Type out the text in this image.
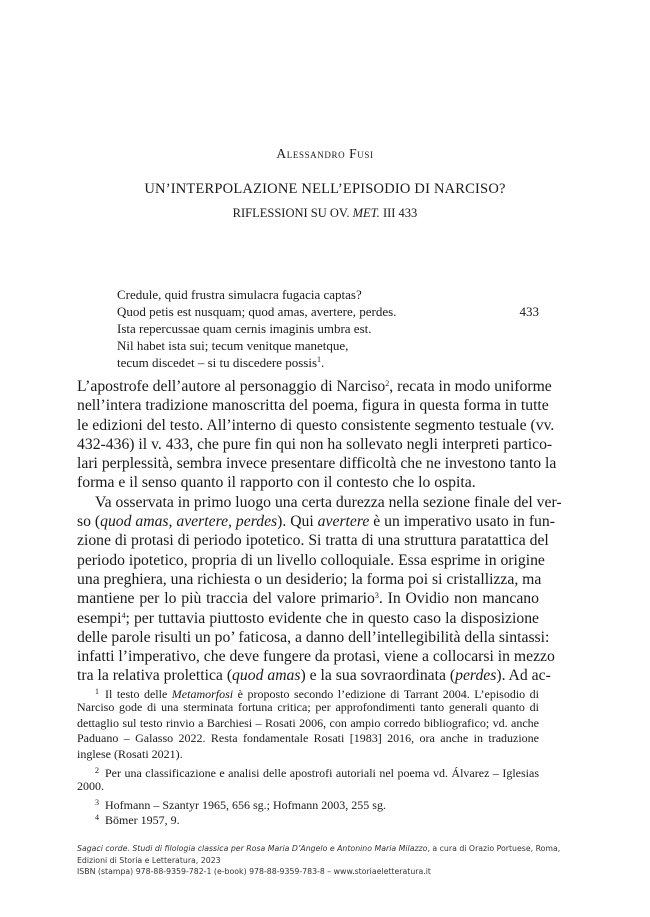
Alessandro Fusi
UN’INTERPOLAZIONE NELL’EPISODIO DI NARCISO?
RIFLESSIONI SU OV. MET. III 433
Credule, quid frustra simulacra fugacia captas?
Quod petis est nusquam; quod amas, avertere, perdes.	433
Ista repercussae quam cernis imaginis umbra est.
Nil habet ista sui; tecum venitque manetque,
tecum discedet – si tu discedere possis$^1$.
L’apostrofe dell’autore al personaggio di Narciso$^2$, recata in modo uniforme
nell’intera tradizione manoscritta del poema, figura in questa forma in tutte
le edizioni del testo. All’interno di questo consistente segmento testuale (vv.
432-436) il v. 433, che pure fin qui non ha sollevato negli interpreti partico-
lari perplessità, sembra invece presentare difficoltà che ne investono tanto la
forma e il senso quanto il rapporto con il contesto che lo ospita.
Va osservata in primo luogo una certa durezza nella sezione finale del ver-
so (quod amas, avertere, perdes). Qui avertere è un imperativo usato in fun-
zione di protasi di periodo ipotetico. Si tratta di una struttura paratattica del
periodo ipotetico, propria di un livello colloquiale. Essa esprime in origine
una preghiera, una richiesta o un desiderio; la forma poi si cristallizza, ma
mantiene per lo più traccia del valore primario$^3$. In Ovidio non mancano
esempi$^4$; per tuttavia piuttosto evidente che in questo caso la disposizione
delle parole risulti un po’ faticosa, a danno dell’intellegibilità della sintassi:
infatti l’imperativo, che deve fungere da protasi, viene a collocarsi in mezzo
tra la relativa prolettica (quod amas) e la sua sovraordinata (perdes). Ad ac-
$^1$ Il testo delle Metamorfosi è proposto secondo l’edizione di Tarrant 2004. L’episodio di
Narciso gode di una sterminata fortuna critica; per approfondimenti tanto generali quanto di
dettaglio sul testo rinvio a Barchiesi – Rosati 2006, con ampio corredo bibliografico; vd. anche
Paduano – Galasso 2022. Resta fondamentale Rosati [1983] 2016, ora anche in traduzione
inglese (Rosati 2021).
$^2$ Per una classificazione e analisi delle apostrofi autoriali nel poema vd. Álvarez – Iglesias
2000.
$^3$ Hofmann – Szantyr 1965, 656 sg.; Hofmann 2003, 255 sg.
$^4$ Bömer 1957, 9.
Sagaci corde. Studi di filologia classica per Rosa Maria D’Angelo e Antonino Maria Milazzo, a cura di Orazio Portuese, Roma,
Edizioni di Storia e Letteratura, 2023
ISBN (stampa) 978-88-9359-782-1 (e-book) 978-88-9359-783-8 – www.storiaeletteratura.it
